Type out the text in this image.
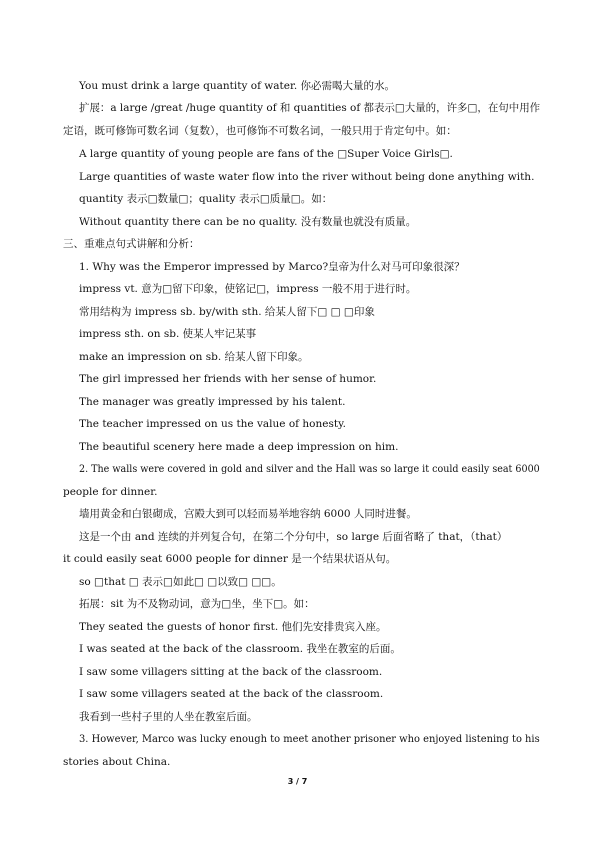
You must drink a large quantity of water. 你必需喝大量的水。
扩展：a large /great /huge quantity of 和 quantities of 都表示□大量的，许多□，在句中用作
定语，既可修饰可数名词（复数），也可修饰不可数名词，一般只用于肯定句中。如：
A large quantity of young people are fans of the □Super Voice Girls□.
Large quantities of waste water flow into the river without being done anything with.
quantity 表示□数量□；quality 表示□质量□。如：
Without quantity there can be no quality. 没有数量也就没有质量。
三、重难点句式讲解和分析：
1. Why was the Emperor impressed by Marco?皇帝为什么对马可印象很深？
impress vt. 意为□留下印象，使铭记□，impress 一般不用于进行时。
常用结构为 impress sb. by/with sth. 给某人留下□ □ □印象
impress sth. on sb. 使某人牢记某事
make an impression on sb. 给某人留下印象。
The girl impressed her friends with her sense of humor.
The manager was greatly impressed by his talent.
The teacher impressed on us the value of honesty.
The beautiful scenery here made a deep impression on him.
2. The walls were covered in gold and silver and the Hall was so large it could easily seat 6000
people for dinner.
墙用黄金和白银砌成，宫殿大到可以轻而易举地容纳 6000 人同时进餐。
这是一个由 and 连续的并列复合句，在第二个分句中，so large 后面省略了 that，（that）
it could easily seat 6000 people for dinner 是一个结果状语从句。
so □that □ 表示□如此□ □以致□ □□。
拓展：sit 为不及物动词，意为□坐，坐下□。如：
They seated the guests of honor first. 他们先安排贵宾入座。
I was seated at the back of the classroom. 我坐在教室的后面。
I saw some villagers sitting at the back of the classroom.
I saw some villagers seated at the back of the classroom.
我看到一些村子里的人坐在教室后面。
3. However, Marco was lucky enough to meet another prisoner who enjoyed listening to his
stories about China.
3 / 7
